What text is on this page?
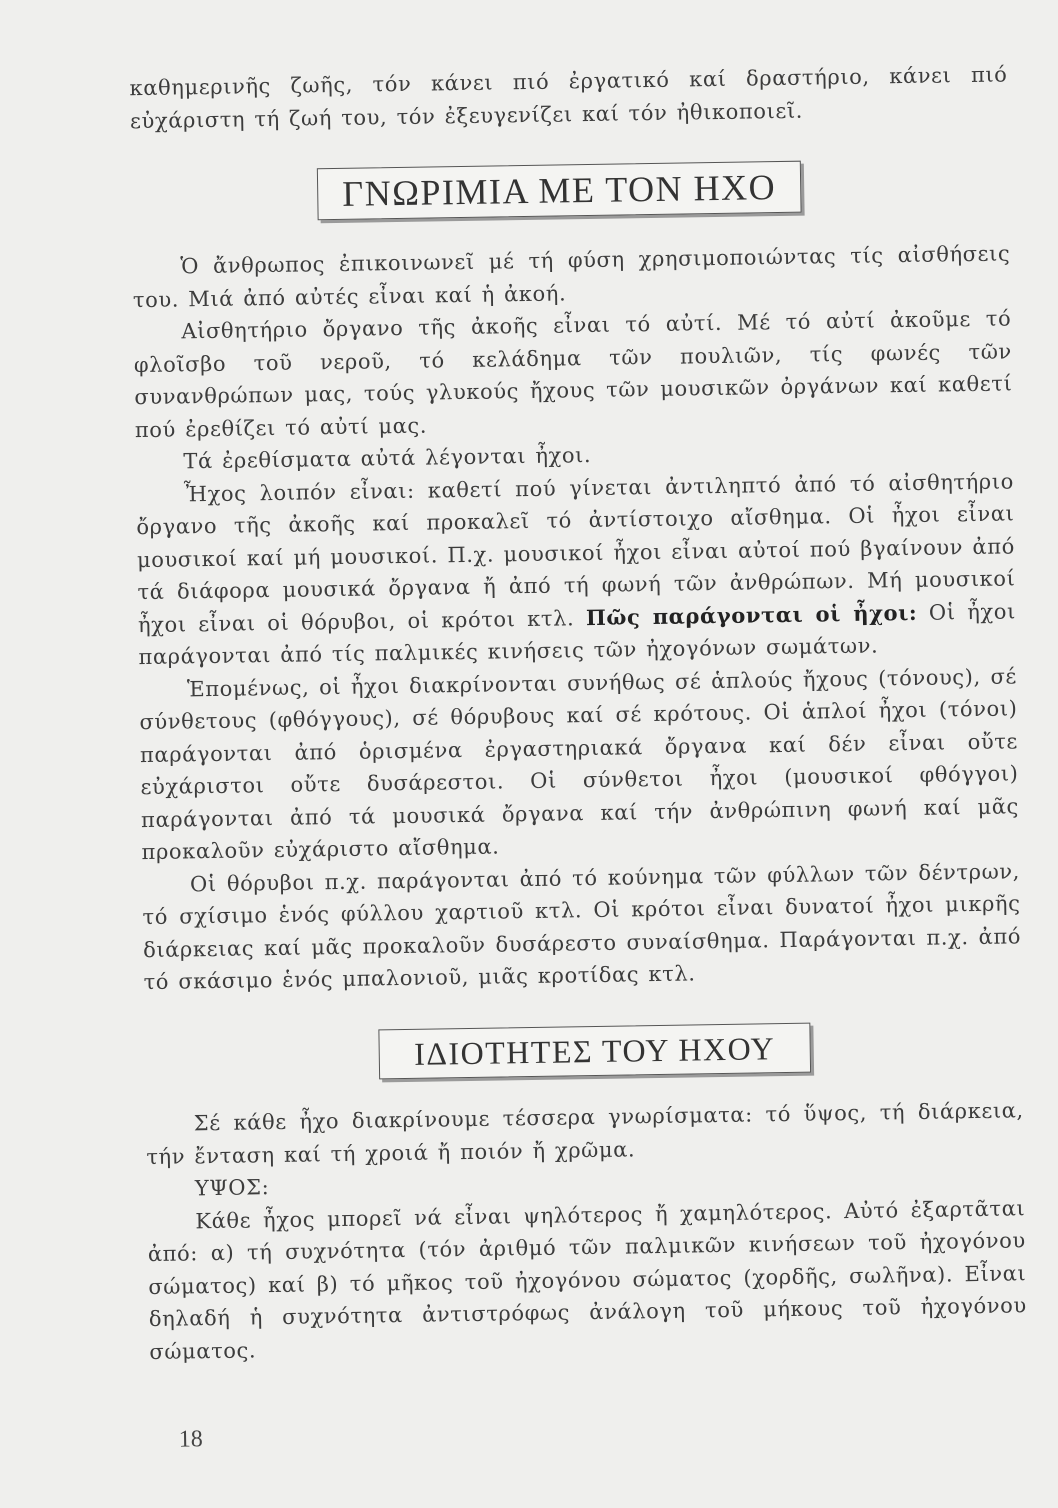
καθημερινῆς ζωῆς, τόν κάνει πιό ἐργατικό καί δραστήριο, κάνει πιό εὐχάριστη τή ζωή του, τόν ἐξευγενίζει καί τόν ἠθικοποιεῖ.

ΓΝΩΡΙΜΙΑ ΜΕ ΤΟΝ ΗΧΟ

Ὁ ἄνθρωπος ἐπικοινωνεῖ μέ τή φύση χρησιμοποιώντας τίς αἰσθήσεις του. Μιά ἀπό αὐτές εἶναι καί ἡ ἀκοή.

Αἰσθητήριο ὄργανο τῆς ἀκοῆς εἶναι τό αὐτί. Μέ τό αὐτί ἀκοῦμε τό φλοῖσβο τοῦ νεροῦ, τό κελάδημα τῶν πουλιῶν, τίς φωνές τῶν συνανθρώπων μας, τούς γλυκούς ἤχους τῶν μουσικῶν ὀργάνων καί καθετί πού ἐρεθίζει τό αὐτί μας.

Τά ἐρεθίσματα αὐτά λέγονται ἦχοι.

Ἦχος λοιπόν εἶναι: καθετί πού γίνεται ἀντιληπτό ἀπό τό αἰσθητήριο ὄργανο τῆς ἀκοῆς καί προκαλεῖ τό ἀντίστοιχο αἴσθημα. Οἱ ἦχοι εἶναι μουσικοί καί μή μουσικοί. Π.χ. μουσικοί ἦχοι εἶναι αὐτοί πού βγαίνουν ἀπό τά διάφορα μουσικά ὄργανα ἤ ἀπό τή φωνή τῶν ἀνθρώπων. Μή μουσικοί ἦχοι εἶναι οἱ θόρυβοι, οἱ κρότοι κτλ. Πῶς παράγονται οἱ ἦχοι: Οἱ ἦχοι παράγονται ἀπό τίς παλμικές κινήσεις τῶν ἠχογόνων σωμάτων.

Ἑπομένως, οἱ ἦχοι διακρίνονται συνήθως σέ ἁπλούς ἤχους (τόνους), σέ σύνθετους (φθόγγους), σέ θόρυβους καί σέ κρότους. Οἱ ἁπλοί ἦχοι (τόνοι) παράγονται ἀπό ὁρισμένα ἐργαστηριακά ὄργανα καί δέν εἶναι οὔτε εὐχάριστοι οὔτε δυσάρεστοι. Οἱ σύνθετοι ἦχοι (μουσικοί φθόγγοι) παράγονται ἀπό τά μουσικά ὄργανα καί τήν ἀνθρώπινη φωνή καί μᾶς προκαλοῦν εὐχάριστο αἴσθημα.

Οἱ θόρυβοι π.χ. παράγονται ἀπό τό κούνημα τῶν φύλλων τῶν δέντρων, τό σχίσιμο ἑνός φύλλου χαρτιοῦ κτλ. Οἱ κρότοι εἶναι δυνατοί ἦχοι μικρῆς διάρκειας καί μᾶς προκαλοῦν δυσάρεστο συναίσθημα. Παράγονται π.χ. ἀπό τό σκάσιμο ἑνός μπαλονιοῦ, μιᾶς κροτίδας κτλ.

ΙΔΙΟΤΗΤΕΣ ΤΟΥ ΗΧΟΥ

Σέ κάθε ἦχο διακρίνουμε τέσσερα γνωρίσματα: τό ὕψος, τή διάρκεια, τήν ἔνταση καί τή χροιά ἤ ποιόν ἤ χρῶμα.

ΥΨΟΣ:

Κάθε ἦχος μπορεῖ νά εἶναι ψηλότερος ἤ χαμηλότερος. Αὐτό ἐξαρτᾶται ἀπό: α) τή συχνότητα (τόν ἀριθμό τῶν παλμικῶν κινήσεων τοῦ ἠχογόνου σώματος) καί β) τό μῆκος τοῦ ἠχογόνου σώματος (χορδῆς, σωλῆνα). Εἶναι δηλαδή ἡ συχνότητα ἀντιστρόφως ἀνάλογη τοῦ μήκους τοῦ ἠχογόνου σώματος.

18
